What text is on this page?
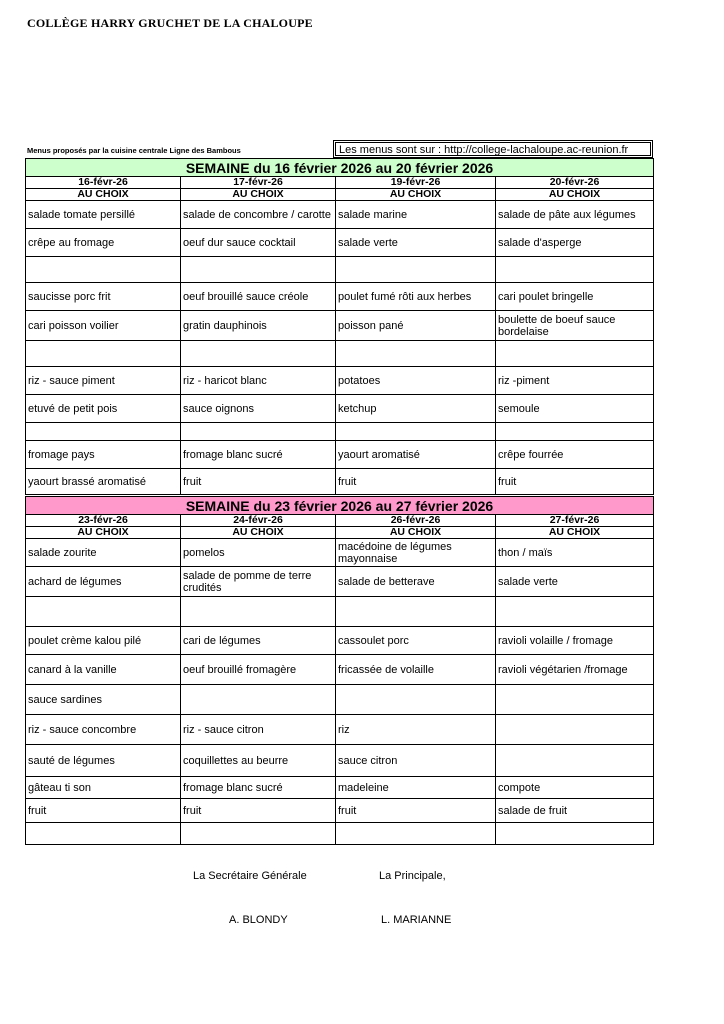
COLLÈGE HARRY GRUCHET DE LA CHALOUPE
Menus proposés par la cuisine centrale Ligne des Bambous	Les menus sont sur : http://college-lachaloupe.ac-reunion.fr
SEMAINE du 16 février 2026 au 20 février 2026			
16-févr-26	17-févr-26	19-févr-26	20-févr-26
AU CHOIX	AU CHOIX	AU CHOIX	AU CHOIX
salade tomate persillé	salade de concombre / carotte	salade marine	salade de pâte aux légumes
crêpe au fromage	oeuf dur sauce cocktail	salade verte	salade d'asperge

saucisse porc frit	oeuf brouillé sauce créole	poulet fumé rôti aux herbes	cari poulet bringelle
cari poisson voilier	gratin dauphinois	poisson pané	boulette de boeuf sauce bordelaise

riz - sauce piment	riz - haricot blanc	potatoes	riz -piment
etuvé de petit pois	sauce oignons	ketchup	semoule

fromage pays	fromage blanc sucré	yaourt aromatisé	crêpe fourrée
yaourt brassé aromatisé	fruit	fruit	fruit
SEMAINE du 23 février 2026 au 27 février 2026			
23-févr-26	24-févr-26	26-févr-26	27-févr-26
AU CHOIX	AU CHOIX	AU CHOIX	AU CHOIX
salade zourite	pomelos	macédoine de légumes mayonnaise	thon / maïs
achard de légumes	salade de pomme de terre crudités	salade de betterave	salade verte

poulet crème kalou pilé	cari de légumes	cassoulet porc	ravioli volaille / fromage
canard à la vanille	oeuf brouillé fromagère	fricassée de volaille	ravioli végétarien /fromage
sauce sardines			
riz - sauce concombre	riz - sauce citron	riz	
sauté de légumes	coquillettes au beurre	sauce citron	
gâteau ti son	fromage blanc sucré	madeleine	compote
fruit	fruit	fruit	salade de fruit

La Secrétaire Générale	La Principale,
A. BLONDY	L. MARIANNE
